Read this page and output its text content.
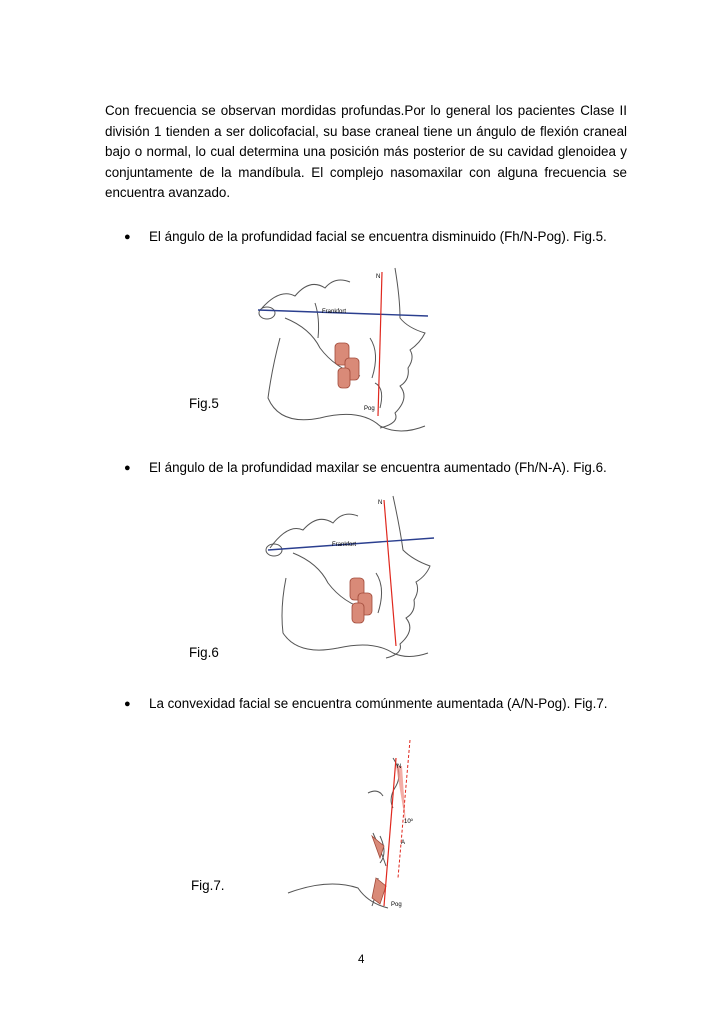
Con frecuencia se observan mordidas profundas.Por lo general los pacientes Clase II división 1 tienden a ser dolicofacial, su base craneal tiene un ángulo de flexión craneal bajo o normal, lo cual determina una posición más posterior de su cavidad glenoidea y conjuntamente de la mandíbula. El complejo nasomaxilar con alguna frecuencia se encuentra avanzado.

● El ángulo de la profundidad facial se encuentra disminuido (Fh/N-Pog). Fig.5.
N
Frankfort
Pog
Fig.5
● El ángulo de la profundidad maxilar se encuentra aumentado (Fh/N-A). Fig.6.
N
Frankfort
Fig.6
● La convexidad facial se encuentra comúnmente aumentada (A/N-Pog). Fig.7.
N
10º
A
Pog
Fig.7.
4
